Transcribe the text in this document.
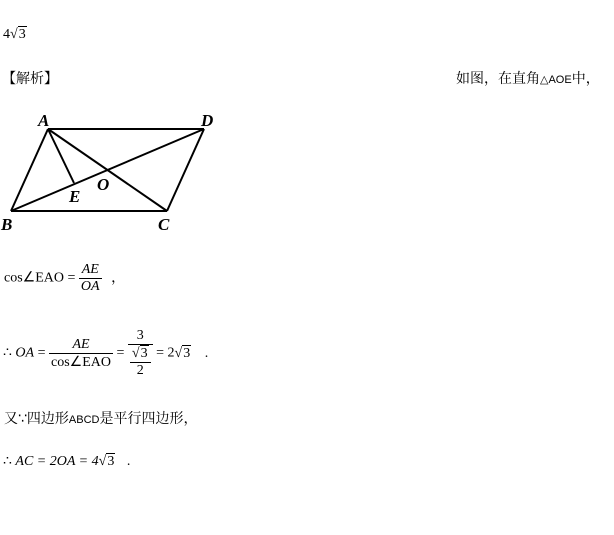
4√3
【解析】	如图，在直角△AOE中，
A	D
E
O
B	C
cos∠EAO = $\frac{AE}{OA}$ ，
∴ OA = $\frac{AE}{\text{cos∠EAO}} = \frac{3}{\frac{√3}{2}} = 2√3$ .
又∵四边形ABCD是平行四边形，
∴ AC = 2OA = 4√3 .
